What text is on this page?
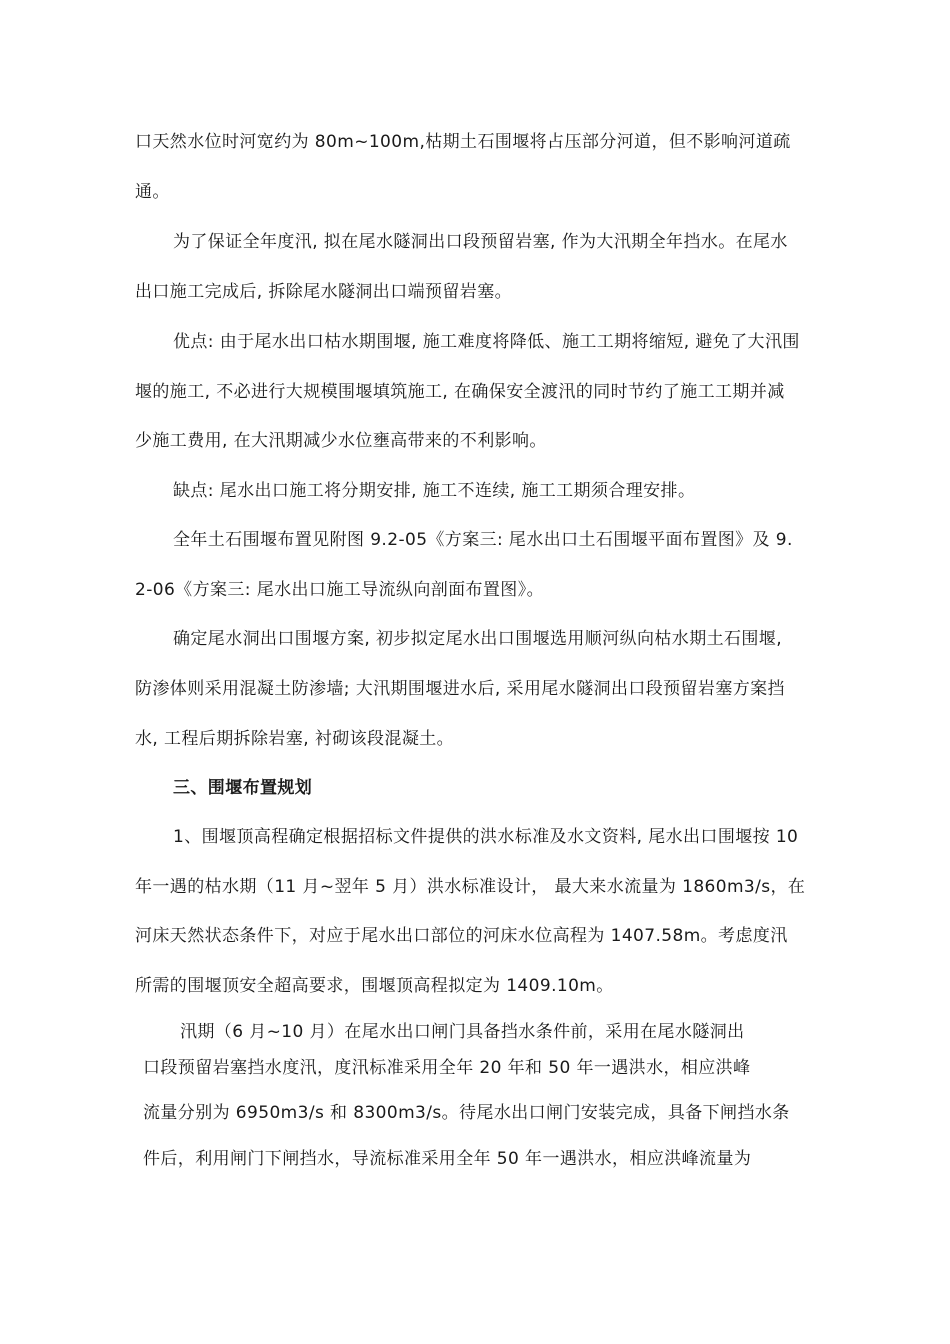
口天然水位时河宽约为 80m~100m,枯期土石围堰将占压部分河道，但不影响河道疏
通。
为了保证全年度汛, 拟在尾水隧洞出口段预留岩塞, 作为大汛期全年挡水。在尾水
出口施工完成后, 拆除尾水隧洞出口端预留岩塞。
优点: 由于尾水出口枯水期围堰, 施工难度将降低、施工工期将缩短, 避免了大汛围
堰的施工, 不必进行大规模围堰填筑施工, 在确保安全渡汛的同时节约了施工工期并减
少施工费用, 在大汛期减少水位壅高带来的不利影响。
缺点: 尾水出口施工将分期安排, 施工不连续, 施工工期须合理安排。
全年土石围堰布置见附图 9.2-05《方案三: 尾水出口土石围堰平面布置图》及 9.
2-06《方案三: 尾水出口施工导流纵向剖面布置图》。
确定尾水洞出口围堰方案, 初步拟定尾水出口围堰选用顺河纵向枯水期土石围堰,
防渗体则采用混凝土防渗墙; 大汛期围堰进水后, 采用尾水隧洞出口段预留岩塞方案挡
水, 工程后期拆除岩塞, 衬砌该段混凝土。
三、围堰布置规划
1、围堰顶高程确定根据招标文件提供的洪水标准及水文资料, 尾水出口围堰按 10
年一遇的枯水期（11 月~翌年 5 月）洪水标准设计， 最大来水流量为 1860m3/s，在
河床天然状态条件下，对应于尾水出口部位的河床水位高程为 1407.58m。考虑度汛
所需的围堰顶安全超高要求，围堰顶高程拟定为 1409.10m。
汛期（6 月~10 月）在尾水出口闸门具备挡水条件前，采用在尾水隧洞出
口段预留岩塞挡水度汛，度汛标准采用全年 20 年和 50 年一遇洪水，相应洪峰
流量分别为 6950m3/s 和 8300m3/s。待尾水出口闸门安装完成，具备下闸挡水条
件后，利用闸门下闸挡水，导流标准采用全年 50 年一遇洪水，相应洪峰流量为
